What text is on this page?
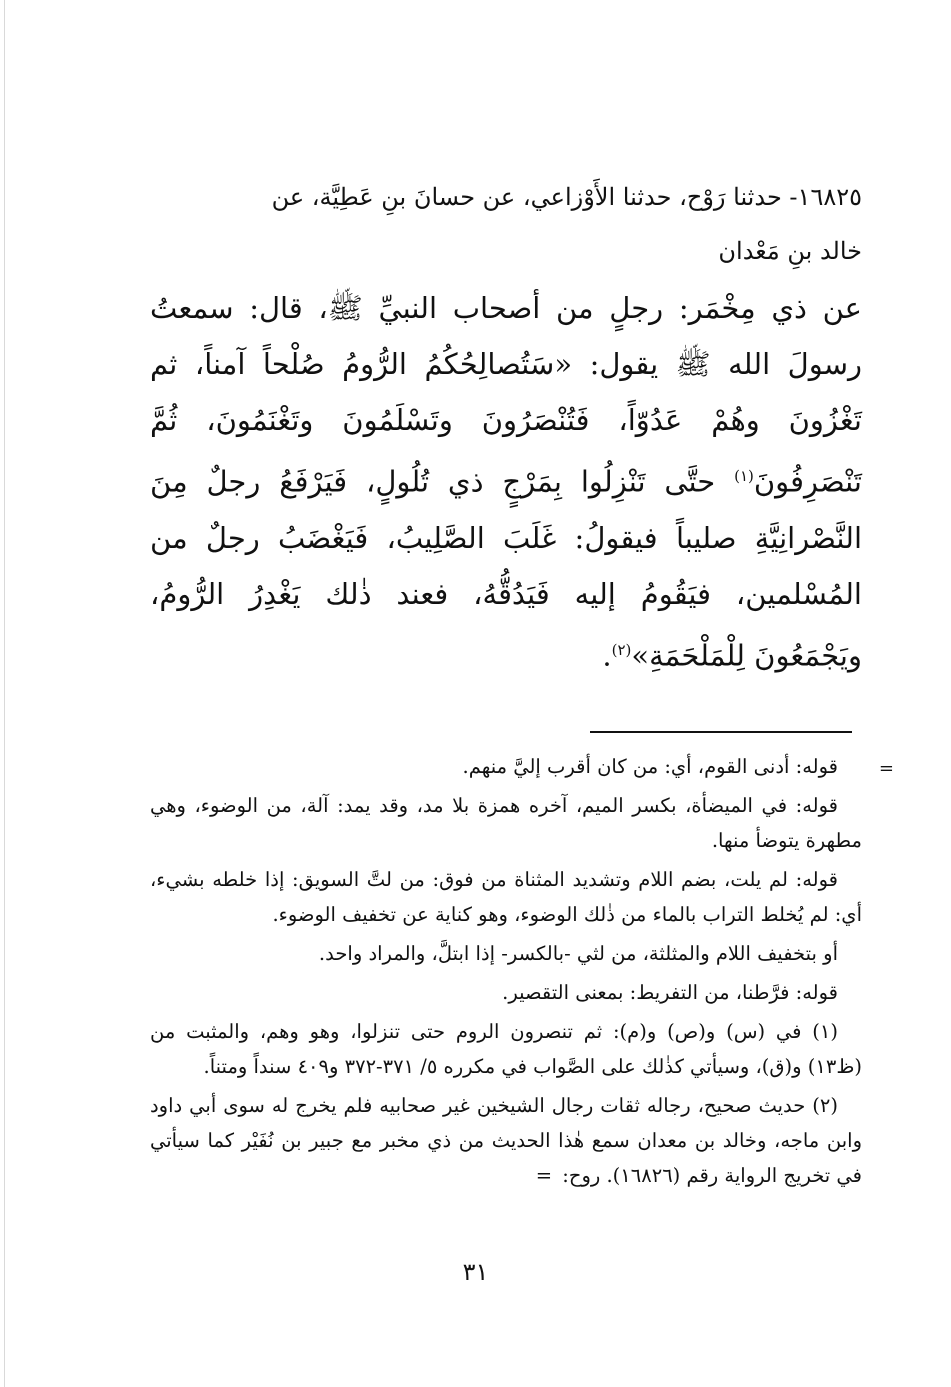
١٦٨٢٥- حدثنا رَوْح، حدثنا الأَوْزاعي، عن حسانَ بنِ عَطِيَّة، عن
خالد بنِ مَعْدان

عن ذي مِخْمَر: رجلٍ من أصحاب النبيِّ ﷺ، قال: سمعتُ رسولَ الله ﷺ يقول: «سَتُصالِحُكُمُ الرُّومُ صُلْحاً آمناً، ثم تَغْزُونَ وهُمْ عَدُوّاً، فَتُنْصَرُونَ وتَسْلَمُونَ وتَغْنَمُونَ، ثُمَّ تَنْصَرِفُونَ$^{(١)}$ حتَّى تَنْزِلُوا بِمَرْجٍ ذي تُلُولٍ، فَيَرْفَعُ رجلٌ مِنَ النَّصْرانِيَّةِ صليباً فيقولُ: غَلَبَ الصَّلِيبُ، فَيَغْضَبُ رجلٌ من المُسْلمين، فيَقُومُ إليه فَيَدُقُّهُ، فعند ذٰلك يَغْدِرُ الرُّومُ، ويَجْمَعُونَ لِلْمَلْحَمَةِ»$^{(٢)}$.

=

قوله: أدنى القوم، أي: من كان أقرب إليَّ منهم.

قوله: في الميضأة، بكسر الميم، آخره همزة بلا مد، وقد يمد: آلة، من الوضوء، وهي مطهرة يتوضأ منها.

قوله: لم يلت، بضم اللام وتشديد المثناة من فوق: من لتَّ السويق: إذا خلطه بشيء، أي: لم يُخلط التراب بالماء من ذٰلك الوضوء، وهو كناية عن تخفيف الوضوء.

أو بتخفيف اللام والمثلثة، من لثي -بالكسر- إذا ابتلَّ، والمراد واحد.

قوله: فرَّطنا، من التفريط: بمعنى التقصير.

(١) في (س) و(ص) و(م): ثم تنصرون الروم حتى تنزلوا، وهو وهم، والمثبت من (ظ١٣) و(ق)، وسيأتي كذٰلك على الصَّواب في مكرره ٥/ ٣٧١-٣٧٢ و٤٠٩ سنداً ومتناً.

(٢) حديث صحيح، رجاله ثقات رجال الشيخين غير صحابيه فلم يخرج له سوى أبي داود وابن ماجه، وخالد بن معدان سمع هٰذا الحديث من ذي مخبر مع جبير بن نُفَيْر كما سيأتي في تخريج الرواية رقم (١٦٨٢٦). روح: =

٣١
